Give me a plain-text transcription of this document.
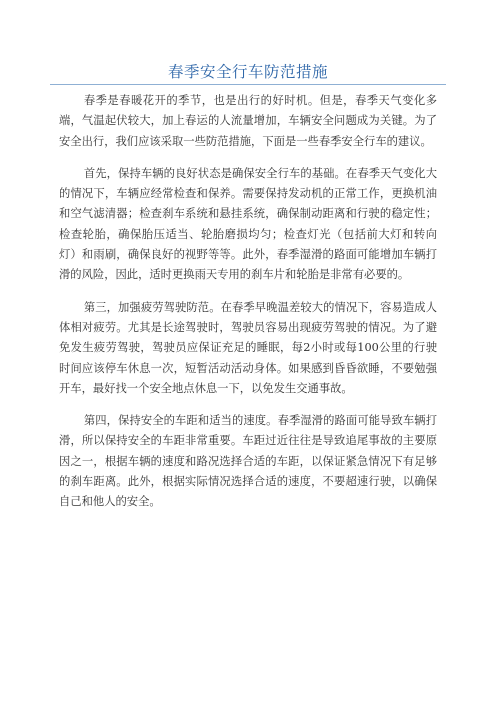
春季安全行车防范措施

春季是春暖花开的季节，也是出行的好时机。但是，春季天气变化多端，气温起伏较大，加上春运的人流量增加，车辆安全问题成为关键。为了安全出行，我们应该采取一些防范措施，下面是一些春季安全行车的建议。

首先，保持车辆的良好状态是确保安全行车的基础。在春季天气变化大的情况下，车辆应经常检查和保养。需要保持发动机的正常工作，更换机油和空气滤清器；检查刹车系统和悬挂系统，确保制动距离和行驶的稳定性；检查轮胎，确保胎压适当、轮胎磨损均匀；检查灯光（包括前大灯和转向灯）和雨刷，确保良好的视野等等。此外，春季湿滑的路面可能增加车辆打滑的风险，因此，适时更换雨天专用的刹车片和轮胎是非常有必要的。

第三，加强疲劳驾驶防范。在春季早晚温差较大的情况下，容易造成人体相对疲劳。尤其是长途驾驶时，驾驶员容易出现疲劳驾驶的情况。为了避免发生疲劳驾驶，驾驶员应保证充足的睡眠，每2小时或每100公里的行驶时间应该停车休息一次，短暂活动活动身体。如果感到昏昏欲睡，不要勉强开车，最好找一个安全地点休息一下，以免发生交通事故。

第四，保持安全的车距和适当的速度。春季湿滑的路面可能导致车辆打滑，所以保持安全的车距非常重要。车距过近往往是导致追尾事故的主要原因之一，根据车辆的速度和路况选择合适的车距，以保证紧急情况下有足够的刹车距离。此外，根据实际情况选择合适的速度，不要超速行驶，以确保自己和他人的安全。
